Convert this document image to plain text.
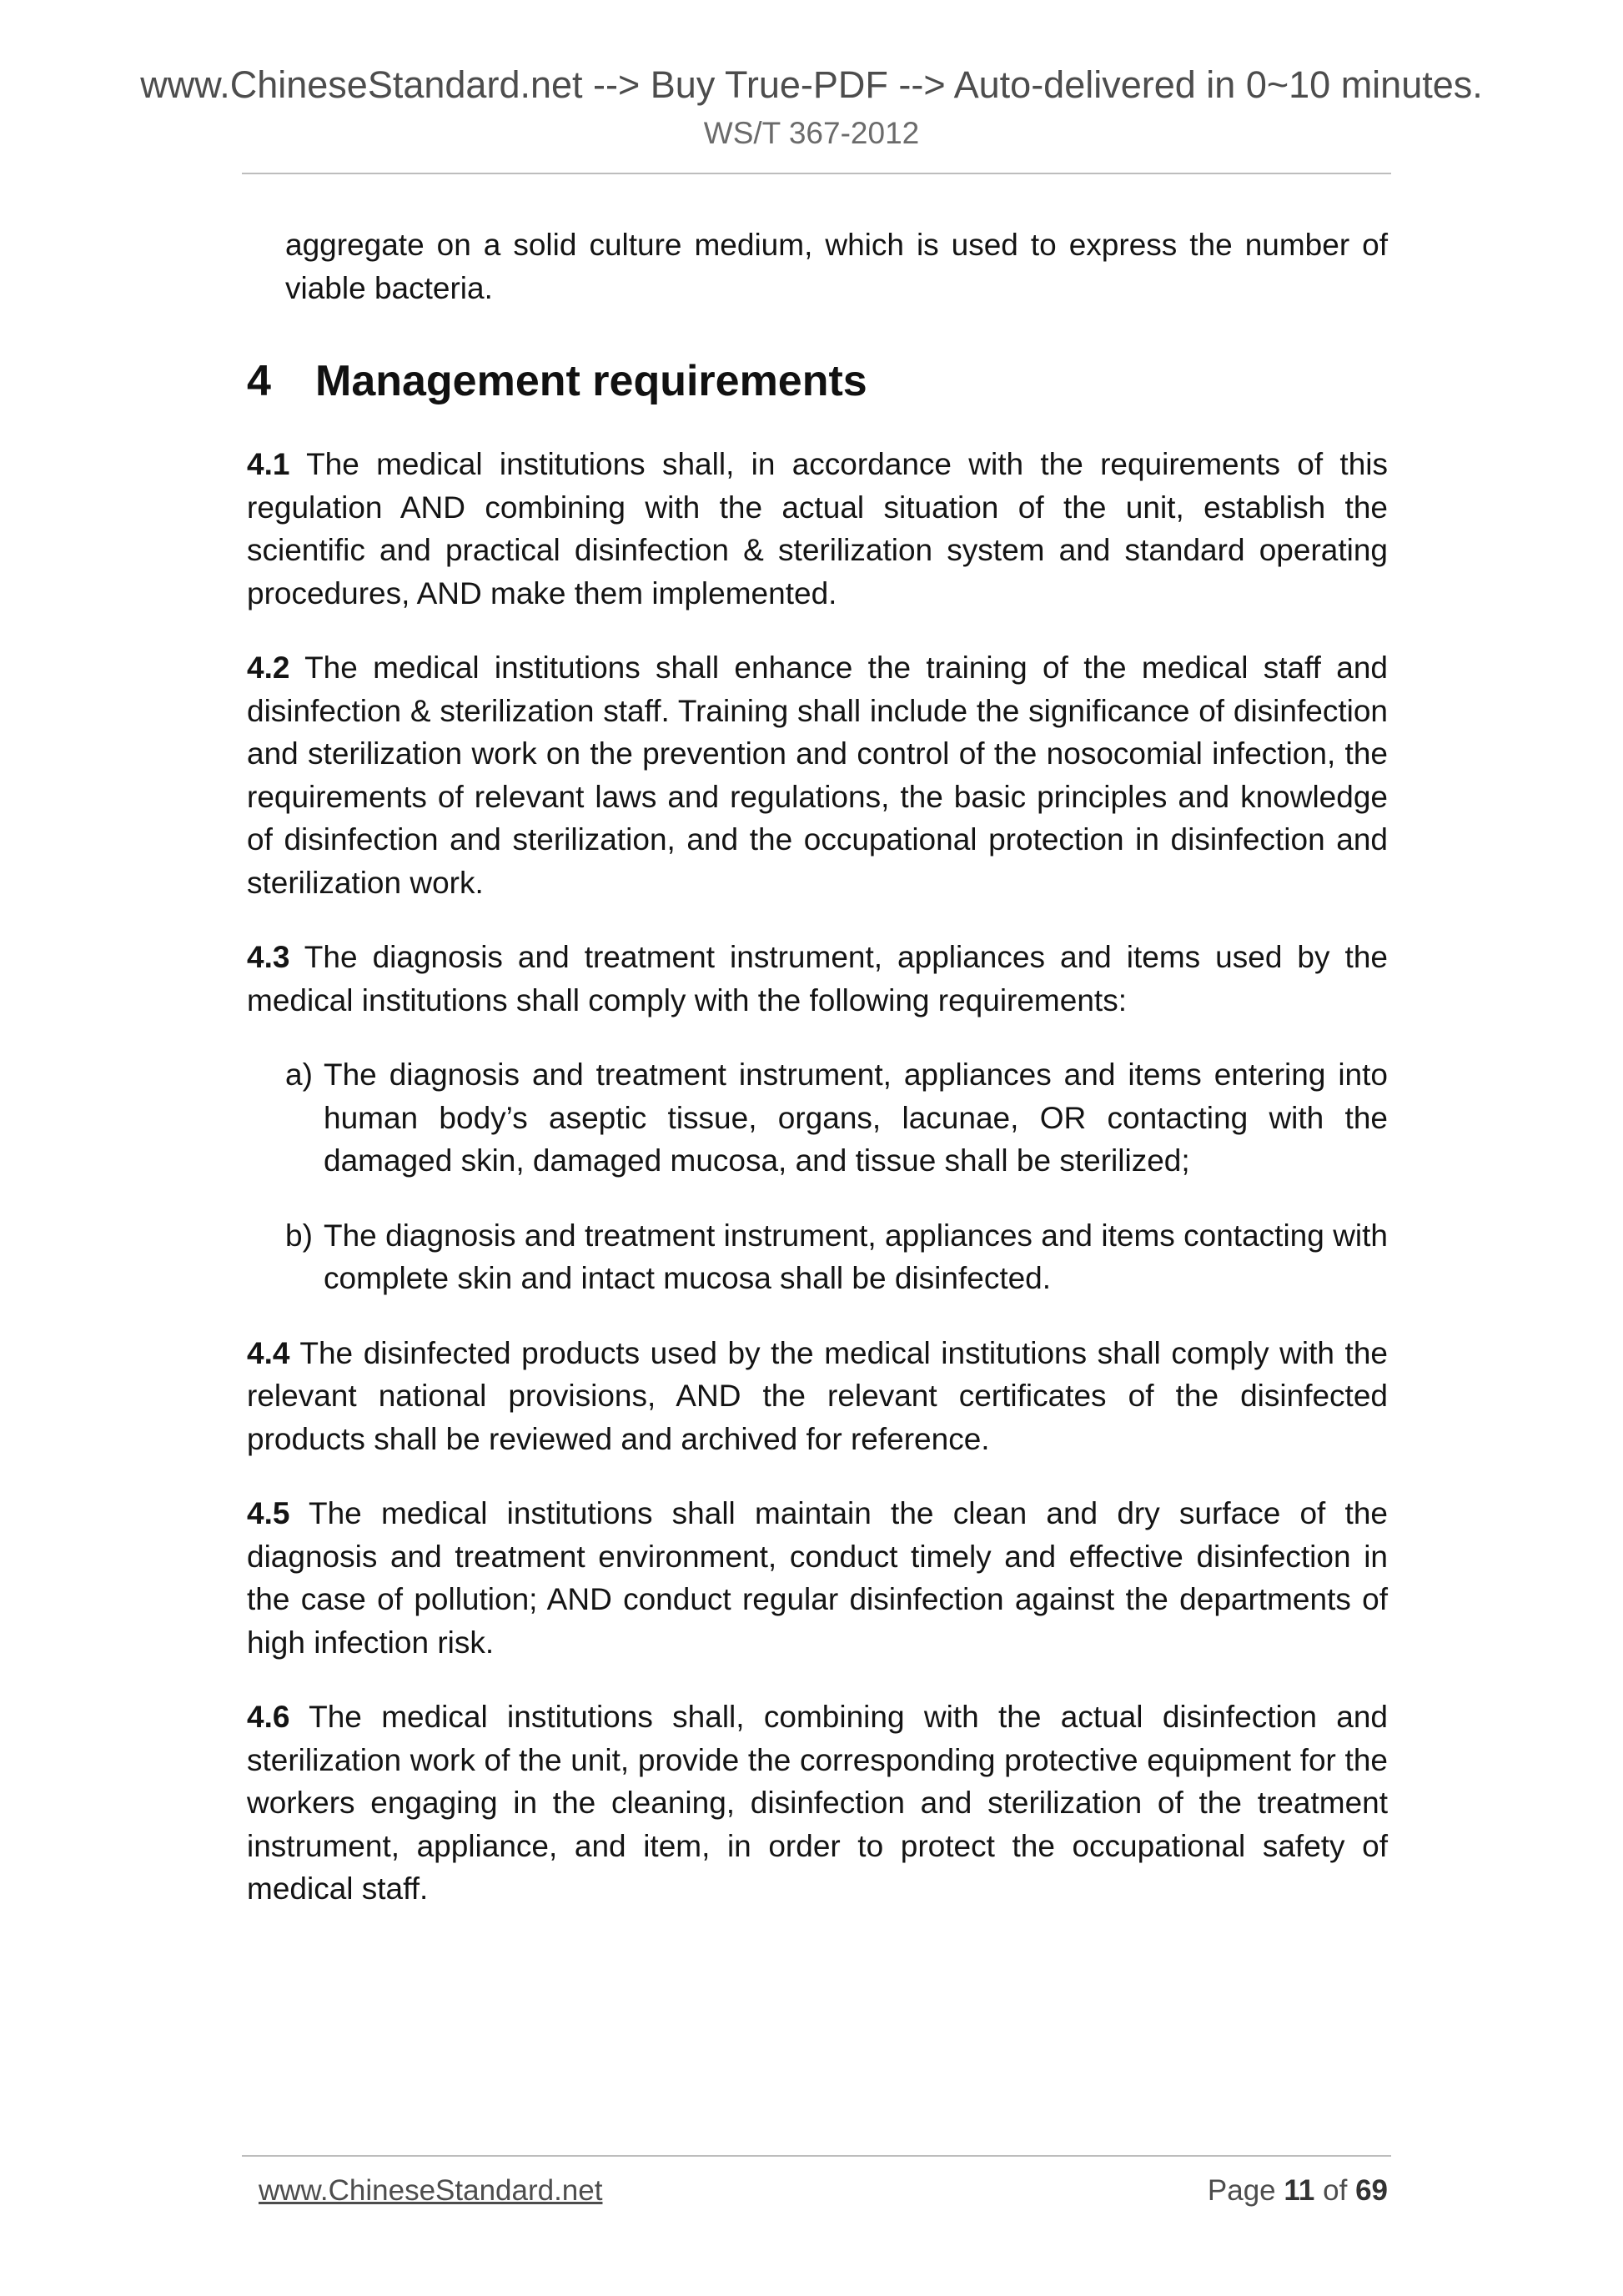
www.ChineseStandard.net --> Buy True-PDF --> Auto-delivered in 0~10 minutes.
WS/T 367-2012

aggregate on a solid culture medium, which is used to express the number of viable bacteria.

4 Management requirements

4.1 The medical institutions shall, in accordance with the requirements of this regulation AND combining with the actual situation of the unit, establish the scientific and practical disinfection & sterilization system and standard operating procedures, AND make them implemented.

4.2 The medical institutions shall enhance the training of the medical staff and disinfection & sterilization staff. Training shall include the significance of disinfection and sterilization work on the prevention and control of the nosocomial infection, the requirements of relevant laws and regulations, the basic principles and knowledge of disinfection and sterilization, and the occupational protection in disinfection and sterilization work.

4.3 The diagnosis and treatment instrument, appliances and items used by the medical institutions shall comply with the following requirements:

a) The diagnosis and treatment instrument, appliances and items entering into human body’s aseptic tissue, organs, lacunae, OR contacting with the damaged skin, damaged mucosa, and tissue shall be sterilized;

b) The diagnosis and treatment instrument, appliances and items contacting with complete skin and intact mucosa shall be disinfected.

4.4 The disinfected products used by the medical institutions shall comply with the relevant national provisions, AND the relevant certificates of the disinfected products shall be reviewed and archived for reference.

4.5 The medical institutions shall maintain the clean and dry surface of the diagnosis and treatment environment, conduct timely and effective disinfection in the case of pollution; AND conduct regular disinfection against the departments of high infection risk.

4.6 The medical institutions shall, combining with the actual disinfection and sterilization work of the unit, provide the corresponding protective equipment for the workers engaging in the cleaning, disinfection and sterilization of the treatment instrument, appliance, and item, in order to protect the occupational safety of medical staff.

www.ChineseStandard.net	Page 11 of 69
